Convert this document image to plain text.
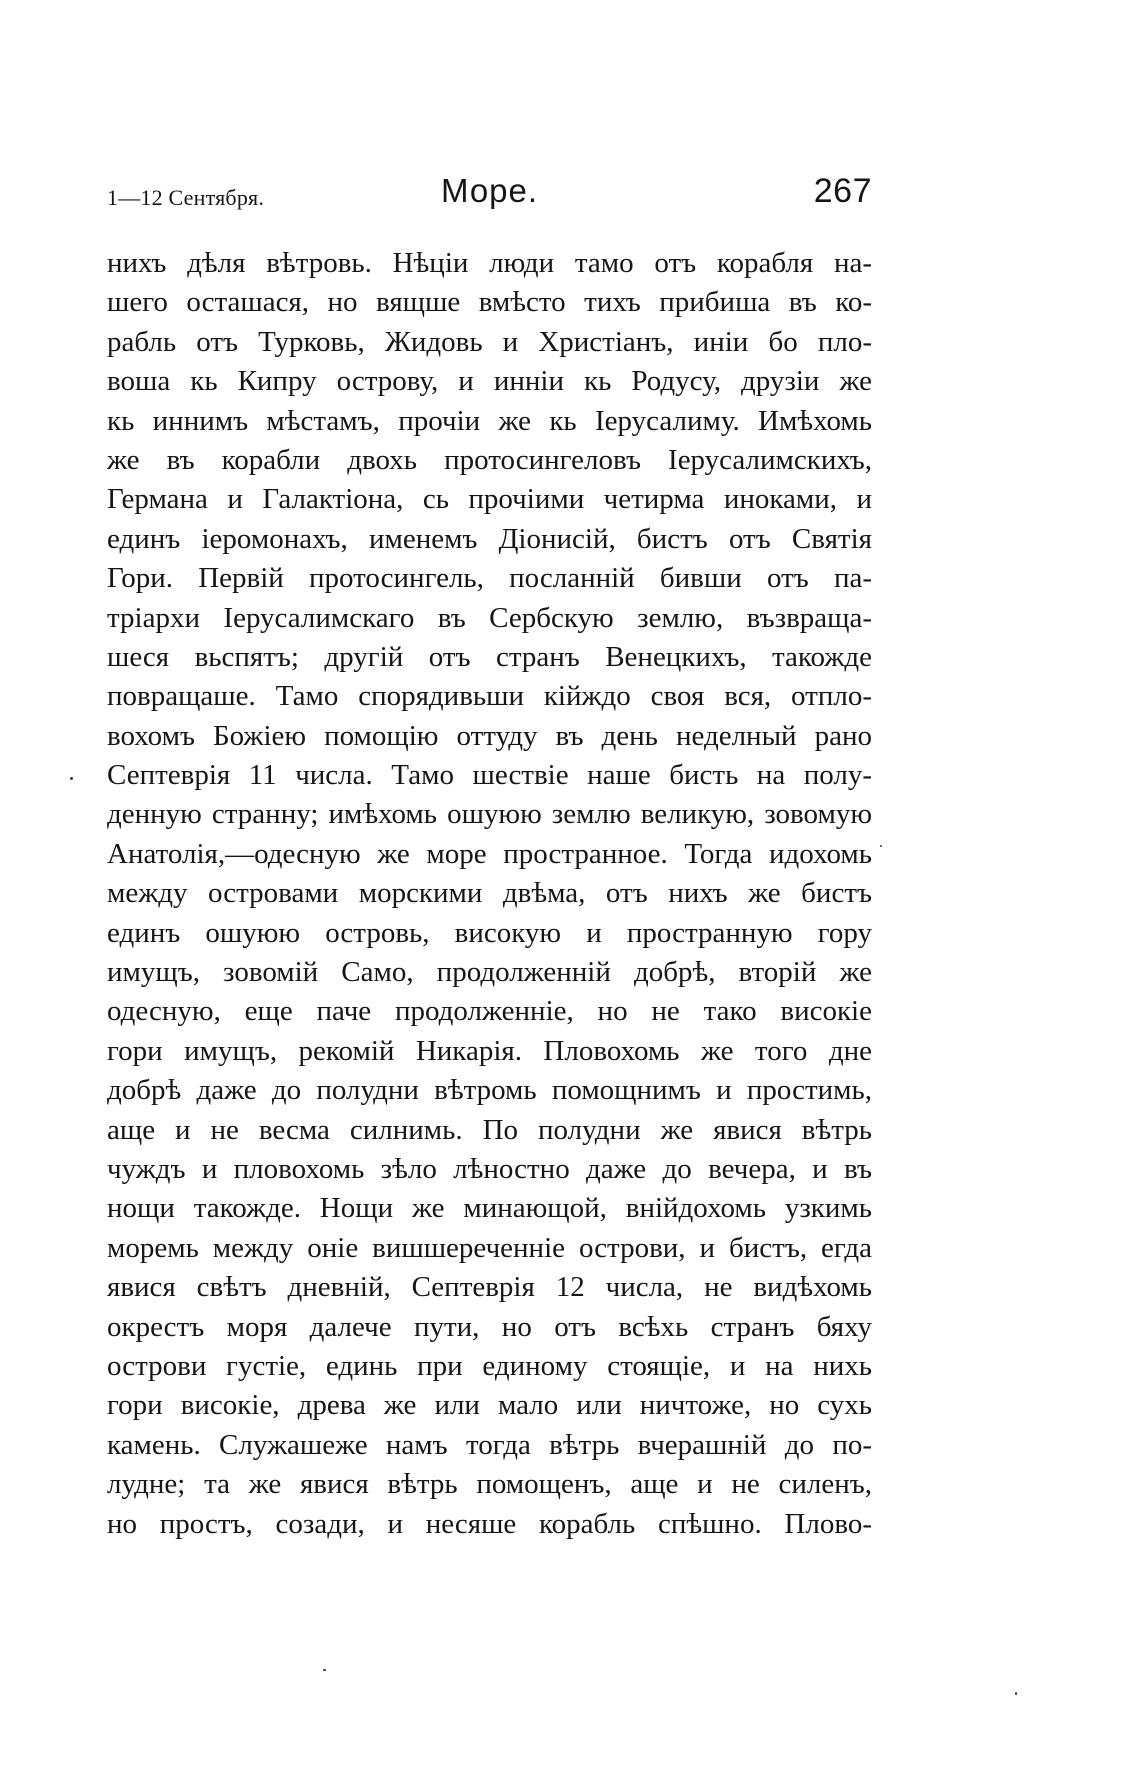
1—12 Сентября.	Море.	267
нихъ дѣля вѣтровь. Нѣціи люди тамо отъ корабля на-
шего осташася, но вящше вмѣсто тихъ прибиша въ ко-
рабль отъ Турковь, Жидовь и Христіанъ, иніи бо пло-
воша кь Кипру острову, и инніи кь Родусу, друзіи же
кь иннимъ мѣстамъ, прочіи же кь Іерусалиму. Имѣхомь
же въ корабли двохь протосингеловъ Іерусалимскихъ,
Германа и Галактіона, сь прочіими четирма иноками, и
единъ іеромонахъ, именемъ Діонисій, бистъ отъ Святія
Гори. Первій протосингель, посланній бивши отъ па-
тріархи Іерусалимскаго въ Сербскую землю, възвраща-
шеся вьспятъ; другій отъ странъ Венецкихъ, такожде
повращаше. Тамо спорядивьши кійждо своя вся, отпло-
вохомъ Божіею помощію оттуду въ день неделный рано
Септеврія 11 числа. Тамо шествіе наше бисть на полу-
денную странну; имѣхомь ошуюю землю великую, зовомую
Анатолія,—одесную же море пространное. Тогда идохомь
между островами морскими двѣма, отъ нихъ же бистъ
единъ ошуюю островь, високую и пространную гору
имущъ, зовомій Само, продолженній добрѣ, вторій же
одесную, еще паче продолженніе, но не тако високіе
гори имущъ, рекомій Никарія. Пловохомь же того дне
добрѣ даже до полудни вѣтромь помощнимъ и простимь,
аще и не весма силнимь. По полудни же явися вѣтрь
чуждъ и пловохомь зѣло лѣностно даже до вечера, и въ
нощи такожде. Нощи же минающой, внійдохомь узкимь
моремь между оніе вишшереченніе острови, и бистъ, егда
явися свѣтъ дневній, Септеврія 12 числа, не видѣхомь
окрестъ моря далече пути, но отъ всѣхь странъ бяху
острови густіе, единь при единому стоящіе, и на нихь
гори високіе, древа же или мало или ничтоже, но сухь
камень. Служашеже намъ тогда вѣтрь вчерашній до по-
лудне; та же явися вѣтрь помощенъ, аще и не силенъ,
но простъ, созади, и несяше корабль спѣшно. Плово-
